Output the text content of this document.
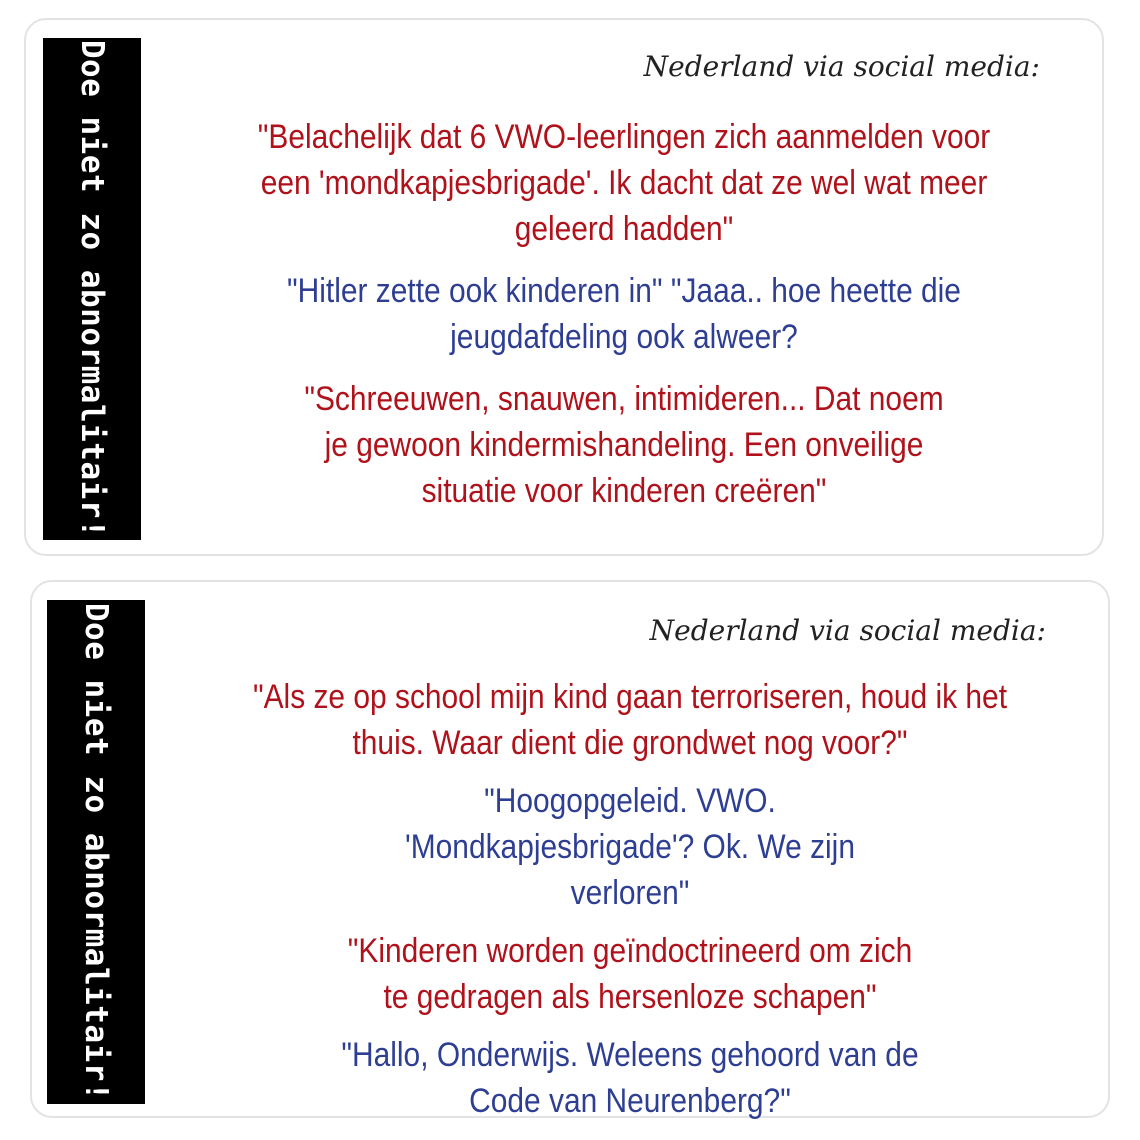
Doe niet zo abnormalitair!	Nederland via social media:
"Belachelijk dat 6 VWO-leerlingen zich aanmelden voor een 'mondkapjesbrigade'. Ik dacht dat ze wel wat meer geleerd hadden"
"Hitler zette ook kinderen in" "Jaaa.. hoe heette die jeugdafdeling ook alweer?
"Schreeuwen, snauwen, intimideren... Dat noem je gewoon kindermishandeling. Een onveilige situatie voor kinderen creëren"
Doe niet zo abnormalitair!	Nederland via social media:
"Als ze op school mijn kind gaan terroriseren, houd ik het thuis. Waar dient die grondwet nog voor?"
"Hoogopgeleid. VWO. 'Mondkapjesbrigade'? Ok. We zijn verloren"
"Kinderen worden geïndoctrineerd om zich te gedragen als hersenloze schapen"
"Hallo, Onderwijs. Weleens gehoord van de Code van Neurenberg?"
